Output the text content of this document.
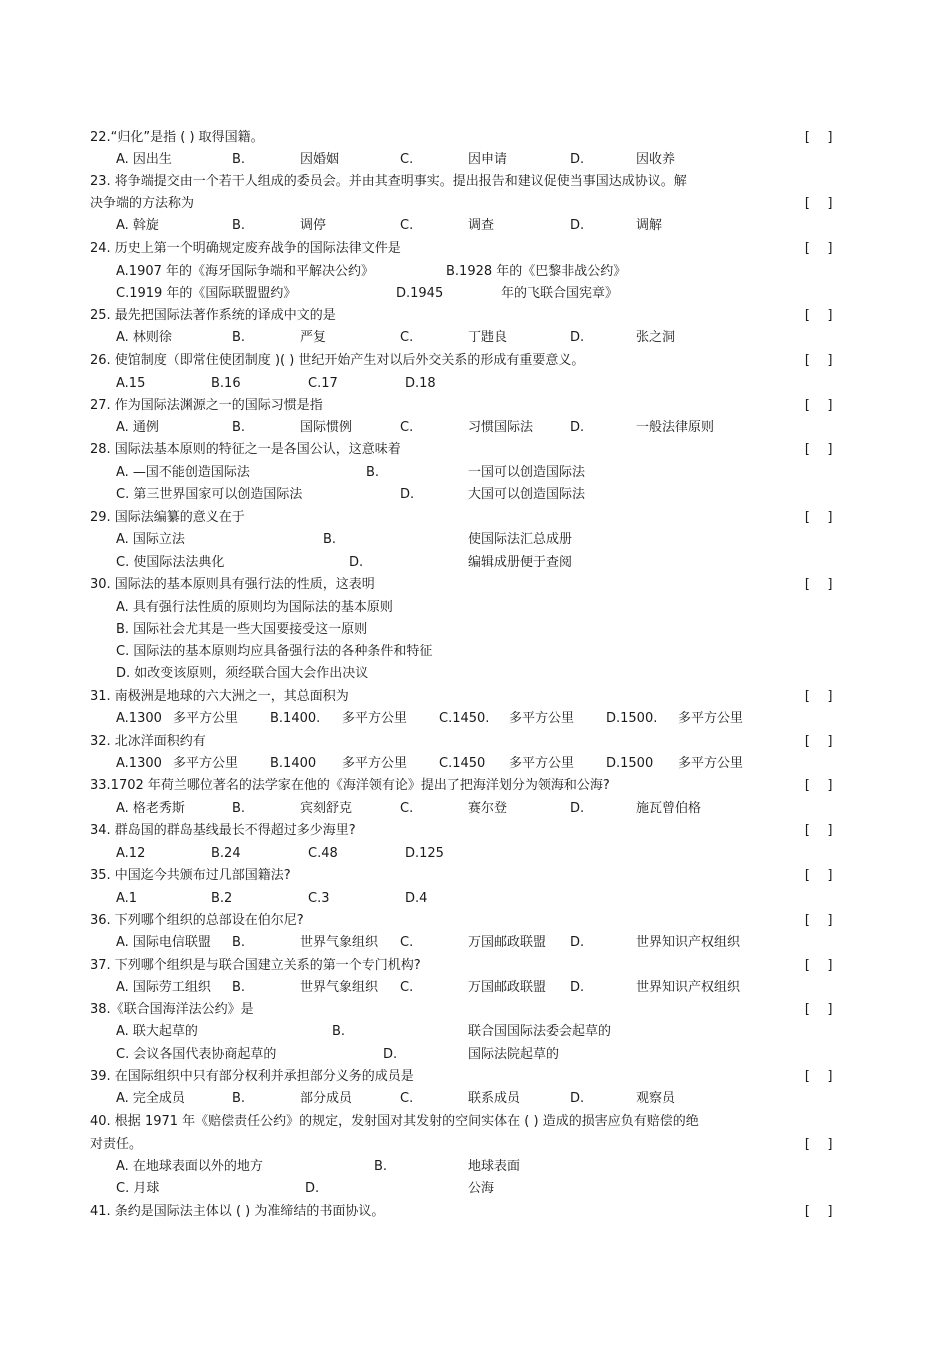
22.“归化”是指 ( ) 取得国籍。	[  ]
A. 因出生	B.	因婚姻	C.	因申请	D.	因收养
23. 将争端提交由一个若干人组成的委员会。并由其查明事实。提出报告和建议促使当事国达成协议。解
决争端的方法称为	[  ]
A. 斡旋	B.	调停	C.	调查	D.	调解
24. 历史上第一个明确规定废弃战争的国际法律文件是	[  ]
A.1907 年的《海牙国际争端和平解决公约》	B.1928 年的《巴黎非战公约》
C.1919 年的《国际联盟盟约》	D.1945	年的飞联合国宪章》
25. 最先把国际法著作系统的译成中文的是	[  ]
A. 林则徐	B.	严复	C.	丁韪良	D.	张之洞
26. 使馆制度（即常住使团制度 )( ) 世纪开始产生对以后外交关系的形成有重要意义。	[  ]
A.15	B.16	C.17	D.18
27. 作为国际法渊源之一的国际习惯是指	[  ]
A. 通例	B.	国际惯例	C.	习惯国际法	D.	一般法律原则
28. 国际法基本原则的特征之一是各国公认，这意味着	[  ]
A. —国不能创造国际法	B.	一国可以创造国际法
C. 第三世界国家可以创造国际法	D.	大国可以创造国际法
29. 国际法编纂的意义在于	[  ]
A. 国际立法	B.	使国际法汇总成册
C. 使国际法法典化	D.	编辑成册便于查阅
30. 国际法的基本原则具有强行法的性质，这表明	[  ]
A. 具有强行法性质的原则均为国际法的基本原则
B. 国际社会尤其是一些大国要接受这一原则
C. 国际法的基本原则均应具备强行法的各种条件和特征
D. 如改变该原则，须经联合国大会作出决议
31. 南极洲是地球的六大洲之一，其总面积为	[  ]
A.1300 多平方公里 B.1400. 多平方公里 C.1450. 多平方公里 D.1500. 多平方公里
32. 北冰洋面积约有	[  ]
A.1300 多平方公里 B.1400 多平方公里 C.1450 多平方公里 D.1500 多平方公里
33.1702 年荷兰哪位著名的法学家在他的《海洋领有论》提出了把海洋划分为领海和公海?	[  ]
A. 格老秀斯	B.	宾刻舒克	C.	赛尔登	D.	施瓦曾伯格
34. 群岛国的群岛基线最长不得超过多少海里?	[  ]
A.12	B.24	C.48	D.125
35. 中国迄今共颁布过几部国籍法?	[  ]
A.1	B.2	C.3	D.4
36. 下列哪个组织的总部设在伯尔尼?	[  ]
A. 国际电信联盟 B.	世界气象组织 C.	万国邮政联盟 D.	世界知识产权组织
37. 下列哪个组织是与联合国建立关系的第一个专门机构?	[  ]
A. 国际劳工组织 B.	世界气象组织 C.	万国邮政联盟 D.	世界知识产权组织
38.《联合国海洋法公约》是	[  ]
A. 联大起草的	B.	联合国国际法委会起草的
C. 会议各国代表协商起草的	D.	国际法院起草的
39. 在国际组织中只有部分权利并承担部分义务的成员是	[  ]
A. 完全成员	B.	部分成员	C.	联系成员	D.	观察员
40. 根据 1971 年《赔偿责任公约》的规定，发射国对其发射的空间实体在 ( ) 造成的损害应负有赔偿的绝
对责任。	[  ]
A. 在地球表面以外的地方	B.	地球表面
C. 月球	D.	公海
41. 条约是国际法主体以 ( ) 为准缔结的书面协议。	[  ]
